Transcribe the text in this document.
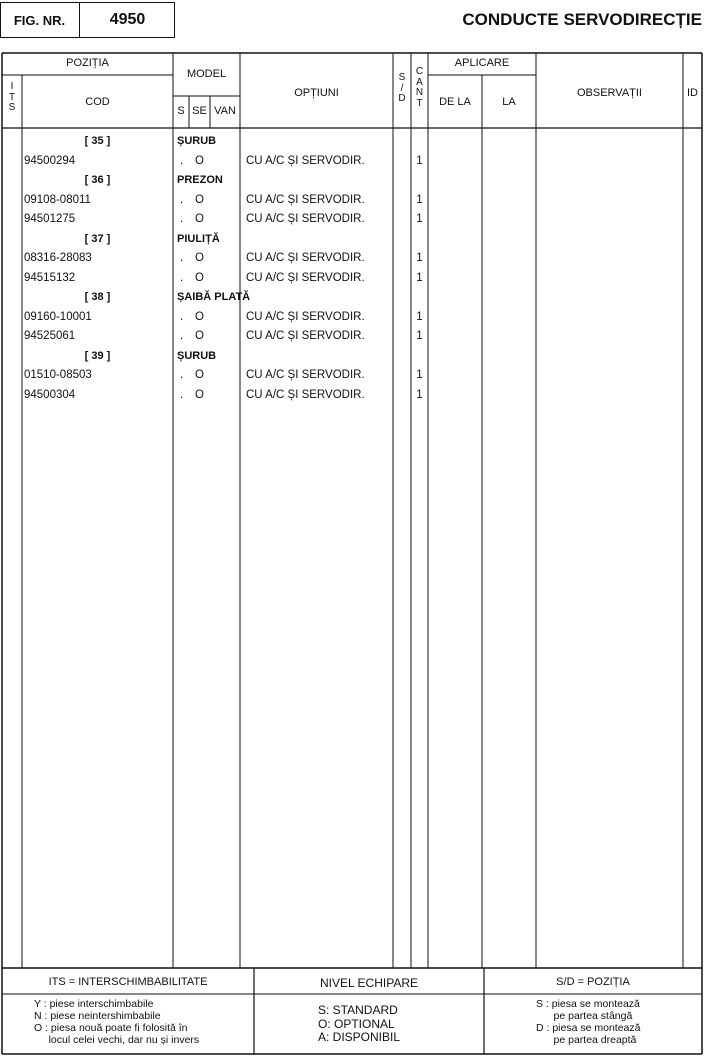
FIG. NR.	4950	CONDUCTE SERVODIRECȚIE
POZIȚIA
I
T
S	COD
MODEL
S SE VAN
OPȚIUNI
S
/
D
C
A
N
T
APLICARE
DE LA	LA
OBSERVAȚII	ID
[ 35 ]	ȘURUB
94500294	.	O	CU A/C ȘI SERVODIR.	1
[ 36 ]	PREZON
09108-08011	.	O	CU A/C ȘI SERVODIR.	1
94501275	.	O	CU A/C ȘI SERVODIR.	1
[ 37 ]	PIULIȚĂ
08316-28083	.	O	CU A/C ȘI SERVODIR.	1
94515132	.	O	CU A/C ȘI SERVODIR.	1
[ 38 ]	ȘAIBĂ PLATĂ
09160-10001	.	O	CU A/C ȘI SERVODIR.	1
94525061	.	O	CU A/C ȘI SERVODIR.	1
[ 39 ]	ȘURUB
01510-08503	.	O	CU A/C ȘI SERVODIR.	1
94500304	.	O	CU A/C ȘI SERVODIR.	1
ITS = INTERSCHIMBABILITATE
Y : piese interschimbabile
N : piese neintershimbabile
O : piesa nouă poate fi folosită în
locul celei vechi, dar nu și invers
NIVEL ECHIPARE
S: STANDARD
O: OPTIONAL
A: DISPONIBIL
S/D = POZIȚIA
S : piesa se montează
pe partea stângă
D : piesa se montează
pe partea dreaptă
